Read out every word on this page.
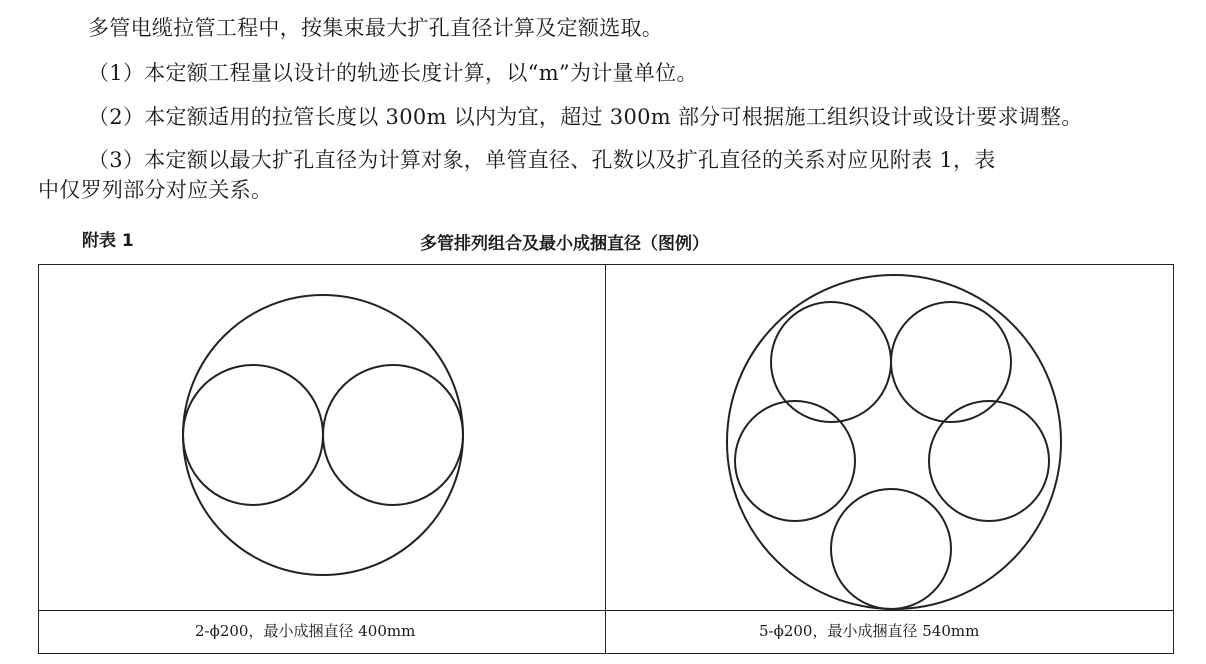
多管电缆拉管工程中，按集束最大扩孔直径计算及定额选取。
（1）本定额工程量以设计的轨迹长度计算，以“m”为计量单位。
（2）本定额适用的拉管长度以 300m 以内为宜，超过 300m 部分可根据施工组织设计或设计要求调整。
（3）本定额以最大扩孔直径为计算对象，单管直径、孔数以及扩孔直径的关系对应见附表 1，表
中仅罗列部分对应关系。
附表 1	多管排列组合及最小成捆直径（图例）
2-ϕ200，最小成捆直径 400mm	5-ϕ200，最小成捆直径 540mm
